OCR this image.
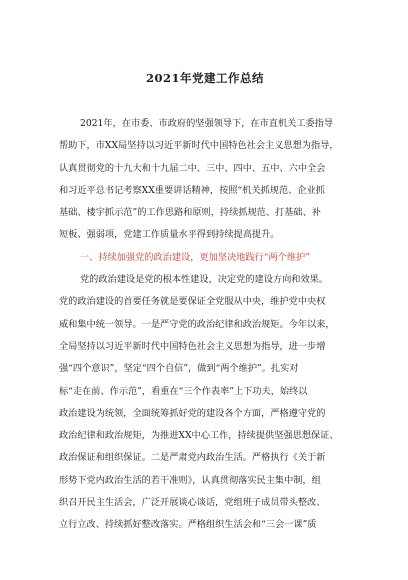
2021年党建工作总结
2021年，在市委、市政府的坚强领导下，在市直机关工委指导
帮助下，市XX局坚持以习近平新时代中国特色社会主义思想为指导，
认真贯彻党的十九大和十九届二中、三中、四中、五中、六中全会
和习近平总书记考察XX重要讲话精神，按照“机关抓规范、企业抓
基础、楼宇抓示范”的工作思路和原则，持续抓规范、打基础、补
短板、强弱项，党建工作质量水平得到持续提高提升。
一、持续加强党的政治建设，更加坚决地践行“两个维护”
党的政治建设是党的根本性建设，决定党的建设方向和效果。
党的政治建设的首要任务就是要保证全党服从中央，维护党中央权
威和集中统一领导。一是严守党的政治纪律和政治规矩。今年以来，
全局坚持以习近平新时代中国特色社会主义思想为指导，进一步增
强“四个意识”，坚定“四个自信”，做到“两个维护”。扎实对
标“走在前、作示范”，看重在“三个作表率”上下功夫，始终以
政治建设为统领，全面统筹抓好党的建设各个方面，严格遵守党的
政治纪律和政治规矩，为推进XX中心工作，持续提供坚强思想保证、
政治保证和组织保证。二是严肃党内政治生活。严格执行《关于新
形势下党内政治生活的若干准则》，认真贯彻落实民主集中制，组
织召开民主生活会，广泛开展谈心谈话，党组班子成员带头整改、
立行立改、持续抓好整改落实。严格组织生活会和“三会一课”质
